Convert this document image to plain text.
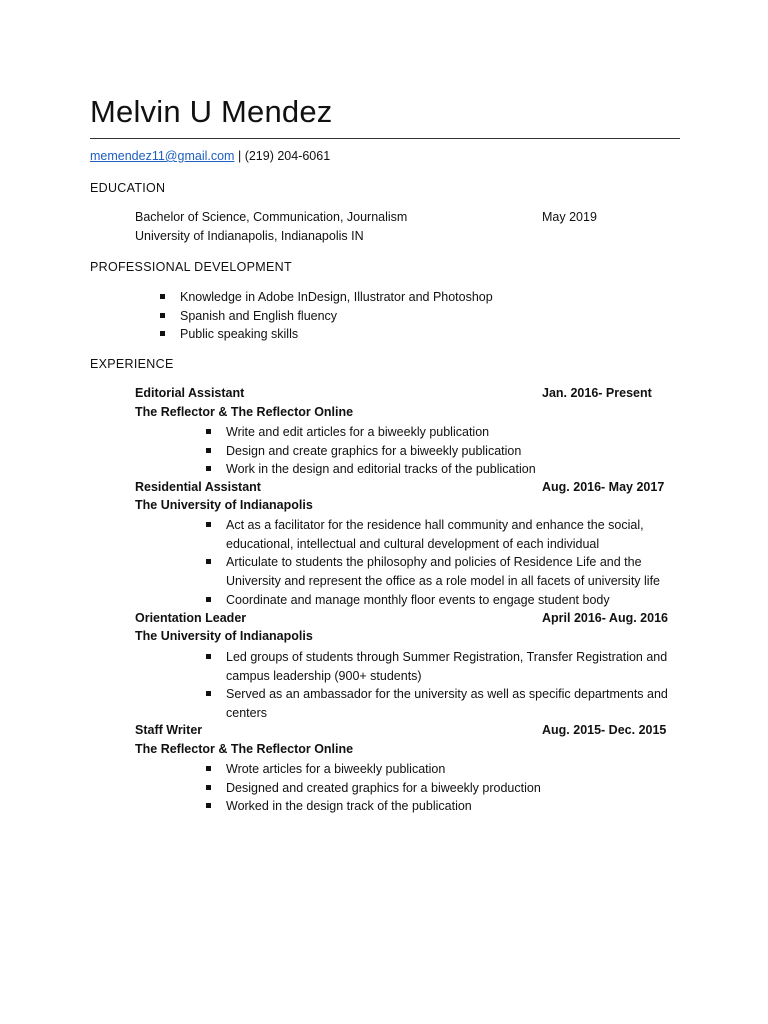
Melvin U Mendez
memendez11@gmail.com | (219) 204-6061
EDUCATION
Bachelor of Science, Communication, Journalism	May 2019
University of Indianapolis, Indianapolis IN
PROFESSIONAL DEVELOPMENT
Knowledge in Adobe InDesign, Illustrator and Photoshop
Spanish and English fluency
Public speaking skills
EXPERIENCE
Editorial Assistant	Jan. 2016- Present
The Reflector & The Reflector Online
Write and edit articles for a biweekly publication
Design and create graphics for a biweekly publication
Work in the design and editorial tracks of the publication
Residential Assistant	Aug. 2016- May 2017
The University of Indianapolis
Act as a facilitator for the residence hall community and enhance the social,
educational, intellectual and cultural development of each individual
Articulate to students the philosophy and policies of Residence Life and the
University and represent the office as a role model in all facets of university life
Coordinate and manage monthly floor events to engage student body
Orientation Leader	April 2016- Aug. 2016
The University of Indianapolis
Led groups of students through Summer Registration, Transfer Registration and
campus leadership (900+ students)
Served as an ambassador for the university as well as specific departments and
centers
Staff Writer	Aug. 2015- Dec. 2015
The Reflector & The Reflector Online
Wrote articles for a biweekly publication
Designed and created graphics for a biweekly production
Worked in the design track of the publication
